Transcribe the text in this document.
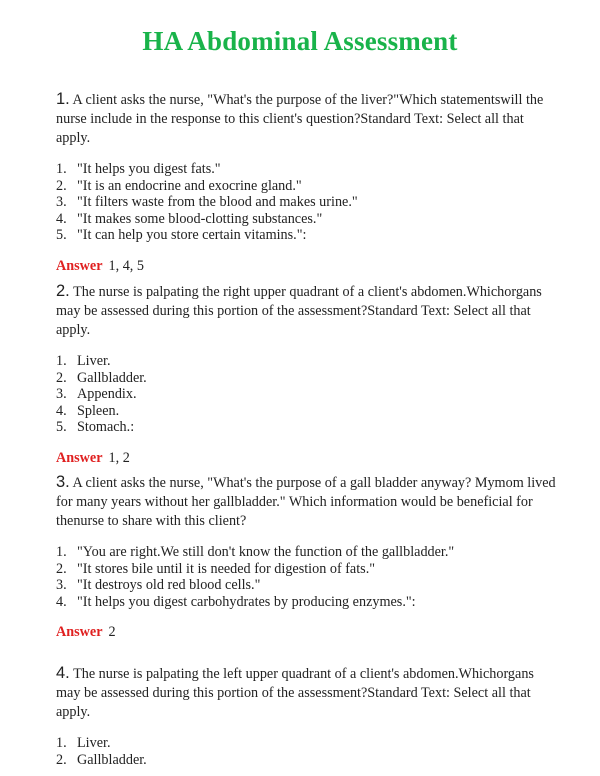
HA Abdominal Assessment

1. A client asks the nurse, "What's the purpose of the liver?"Which statementswill the nurse include in the response to this client's question?Standard Text: Select all that apply.

1. "It helps you digest fats."
2. "It is an endocrine and exocrine gland."
3. "It filters waste from the blood and makes urine."
4. "It makes some blood-clotting substances."
5. "It can help you store certain vitamins.":
Answer 1, 4, 5

2. The nurse is palpating the right upper quadrant of a client's abdomen.Whichorgans may be assessed during this portion of the assessment?Standard Text: Select all that apply.

1. Liver.
2. Gallbladder.
3. Appendix.
4. Spleen.
5. Stomach.:
Answer 1, 2

3. A client asks the nurse, "What's the purpose of a gall bladder anyway? Mymom lived for many years without her gallbladder." Which information would be beneficial for thenurse to share with this client?

1. "You are right.We still don't know the function of the gallbladder."
2. "It stores bile until it is needed for digestion of fats."
3. "It destroys old red blood cells."
4. "It helps you digest carbohydrates by producing enzymes.":
Answer 2

4. The nurse is palpating the left upper quadrant of a client's abdomen.Whichorgans may be assessed during this portion of the assessment?Standard Text: Select all that apply.

1. Liver.
2. Gallbladder.
